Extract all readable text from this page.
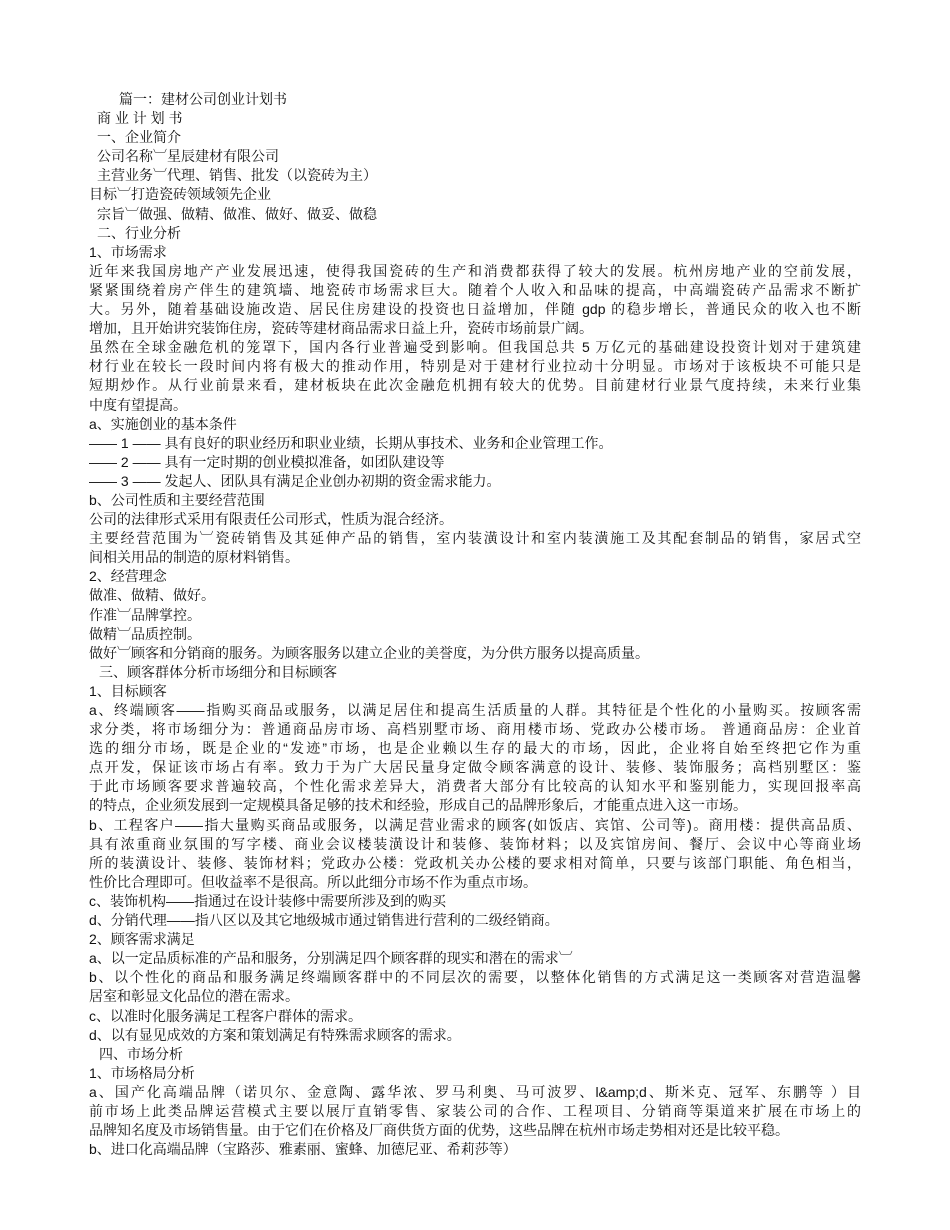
篇一：建材公司创业计划书
商 业 计 划 书
一、企业简介
公司名称︺星辰建材有限公司
主营业务︺代理、销售、批发（以瓷砖为主）
目标︺打造瓷砖领域领先企业
宗旨︺做强、做精、做准、做好、做妥、做稳
二、行业分析
1、市场需求
近年来我国房地产产业发展迅速，使得我国瓷砖的生产和消费都获得了较大的发展。杭州房地产业的空前发展，
紧紧围绕着房产伴生的建筑墙、地瓷砖市场需求巨大。随着个人收入和品味的提高，中高端瓷砖产品需求不断扩
大。另外，随着基础设施改造、居民住房建设的投资也日益增加，伴随 gdp 的稳步增长，普通民众的收入也不断
增加，且开始讲究装饰住房，瓷砖等建材商品需求日益上升，瓷砖市场前景广阔。
虽然在全球金融危机的笼罩下，国内各行业普遍受到影响。但我国总共 5 万亿元的基础建设投资计划对于建筑建
材行业在较长一段时间内将有极大的推动作用，特别是对于建材行业拉动十分明显。市场对于该板块不可能只是
短期炒作。从行业前景来看，建材板块在此次金融危机拥有较大的优势。目前建材行业景气度持续，未来行业集
中度有望提高。
a、实施创业的基本条件
—— 1 —— 具有良好的职业经历和职业业绩，长期从事技术、业务和企业管理工作。
—— 2 —— 具有一定时期的创业模拟准备，如团队建设等
—— 3 —— 发起人、团队具有满足企业创办初期的资金需求能力。
b、公司性质和主要经营范围
公司的法律形式采用有限责任公司形式，性质为混合经济。
主要经营范围为︺瓷砖销售及其延伸产品的销售，室内装潢设计和室内装潢施工及其配套制品的销售，家居式空
间相关用品的制造的原材料销售。
2、经营理念
做准、做精、做好。
作准︺品牌掌控。
做精︺品质控制。
做好︺顾客和分销商的服务。为顾客服务以建立企业的美誉度，为分供方服务以提高质量。
三、顾客群体分析市场细分和目标顾客
1、目标顾客
a、终端顾客——指购买商品或服务，以满足居住和提高生活质量的人群。其特征是个性化的小量购买。按顾客需
求分类，将市场细分为：普通商品房市场、高档别墅市场、商用楼市场、党政办公楼市场。 普通商品房：企业首
选的细分市场，既是企业的“发迹”市场，也是企业赖以生存的最大的市场，因此，企业将自始至终把它作为重
点开发，保证该市场占有率。致力于为广大居民量身定做令顾客满意的设计、装修、装饰服务；高档别墅区：鉴
于此市场顾客要求普遍较高，个性化需求差异大，消费者大部分有比较高的认知水平和鉴别能力，实现回报率高
的特点，企业须发展到一定规模具备足够的技术和经验，形成自己的品牌形象后，才能重点进入这一市场。
b、工程客户——指大量购买商品或服务，以满足营业需求的顾客(如饭店、宾馆、公司等)。商用楼：提供高品质、
具有浓重商业氛围的写字楼、商业会议楼装潢设计和装修、装饰材料；以及宾馆房间、餐厅、会议中心等商业场
所的装潢设计、装修、装饰材料；党政办公楼：党政机关办公楼的要求相对简单，只要与该部门职能、角色相当，
性价比合理即可。但收益率不是很高。所以此细分市场不作为重点市场。
c、装饰机构——指通过在设计装修中需要所涉及到的购买
d、分销代理——指八区以及其它地级城市通过销售进行营利的二级经销商。
2、顾客需求满足
a、以一定品质标准的产品和服务，分别满足四个顾客群的现实和潜在的需求︺
b、以个性化的商品和服务满足终端顾客群中的不同层次的需要，以整体化销售的方式满足这一类顾客对营造温馨
居室和彰显文化品位的潜在需求。
c、以准时化服务满足工程客户群体的需求。
d、以有显见成效的方案和策划满足有特殊需求顾客的需求。
四、市场分析
1、市场格局分析
a、国产化高端品牌（诺贝尔、金意陶、露华浓、罗马利奥、马可波罗、l&amp;d、斯米克、冠军、东鹏等 ）目
前市场上此类品牌运营模式主要以展厅直销零售、家装公司的合作、工程项目、分销商等渠道来扩展在市场上的
品牌知名度及市场销售量。由于它们在价格及厂商供货方面的优势，这些品牌在杭州市场走势相对还是比较平稳。
b、进口化高端品牌（宝路莎、雅素丽、蜜蜂、加德尼亚、希莉莎等）
